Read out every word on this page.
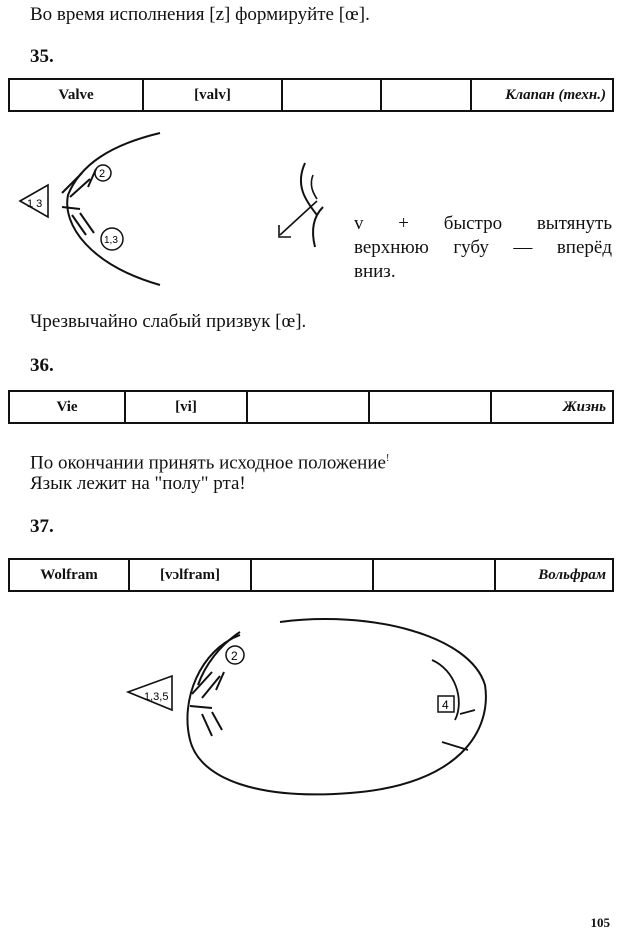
Во время исполнения [z] формируйте [œ].
35.
Valve	[valv]			Клапан (техн.)
1 3
2
1,3
v + быстро вытянуть
верхнюю губу — вперёд
вниз.
Чрезвычайно слабый призвук [œ].
36.
Vie	[vi]			Жизнь
По окончании принять исходное положение!
Язык лежит на "полу" рта!
37.
Wolfram	[vɔlfram]			Вольфрам
1,3,5
2
4
105
